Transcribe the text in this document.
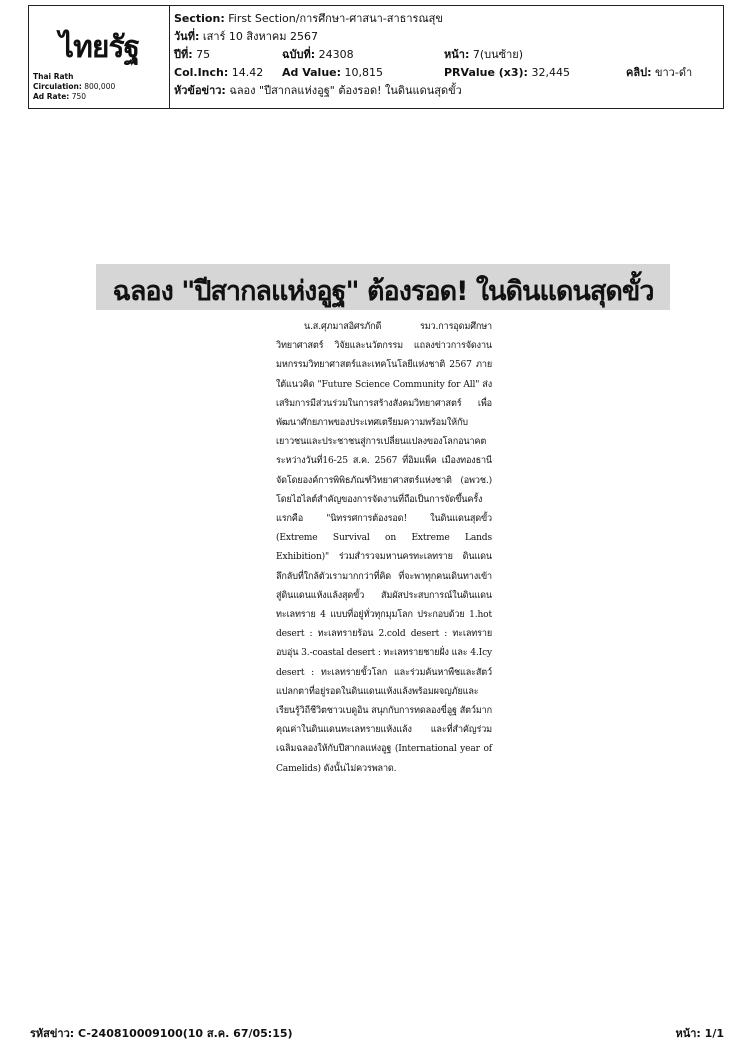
ไทยรัฐ
Thai Rath
Circulation: 800,000
Ad Rate: 750
Section: First Section/การศึกษา-ศาสนา-สาธารณสุข
วันที่: เสาร์ 10 สิงหาคม 2567
ปีที่: 75	ฉบับที่: 24308	หน้า: 7(บนซ้าย)
Col.Inch: 14.42 Ad Value: 10,815	PRValue (x3): 32,445	คลิป: ขาว-ดำ
หัวข้อข่าว: ฉลอง "ปีสากลแห่งอูฐ" ต้องรอด! ในดินแดนสุดขั้ว
ฉลอง "ปีสากลแห่งอูฐ" ต้องรอด! ในดินแดนสุดขั้ว
น.ส.ศุภมาสอิศรภักดี รมว.การอุดมศึกษา วิทยาศาสตร์ วิจัยและนวัตกรรม แถลงข่าวการจัดงานมหกรรมวิทยาศาสตร์และเทคโนโลยีแห่งชาติ 2567 ภายใต้แนวคิด "Future Science Community for All" ส่งเสริมการมีส่วนร่วมในการสร้างสังคมวิทยาศาสตร์ เพื่อพัฒนาศักยภาพของประเทศเตรียมความพร้อมให้กับเยาวชนและประชาชนสู่การเปลี่ยนแปลงของโลกอนาคตระหว่างวันที่16-25 ส.ค. 2567 ที่อิมแพ็ค เมืองทองธานี จัดโดยองค์การพิพิธภัณฑ์วิทยาศาสตร์แห่งชาติ (อพวช.) โดยไฮไลต์สำคัญของการจัดงานที่ถือเป็นการจัดขึ้นครั้งแรกคือ "นิทรรศการต้องรอด! ในดินแดนสุดขั้ว (Extreme Survival on Extreme Lands Exhibition)" ร่วมสำรวจมหานครทะเลทราย ดินแดนลึกลับที่ใกล้ตัวเรามากกว่าที่คิด ที่จะพาทุกคนเดินทางเข้าสู่ดินแดนแห้งแล้งสุดขั้ว สัมผัสประสบการณ์ในดินแดนทะเลทราย 4 แบบที่อยู่ทั่วทุกมุมโลก ประกอบด้วย 1.hot desert : ทะเลทรายร้อน 2.cold desert : ทะเลทรายอบอุ่น 3.-coastal desert : ทะเลทรายชายฝั่ง และ 4.Icy desert : ทะเลทรายขั้วโลก และร่วมค้นหาพืชและสัตว์แปลกตาที่อยู่รอดในดินแดนแห้งแล้งพร้อมผจญภัยและเรียนรู้วิถีชีวิตชาวเบดูอิน สนุกกับการทดลองขี่อูฐ สัตว์มากคุณค่าในดินแดนทะเลทรายแห้งแล้ง และที่สำคัญร่วมเฉลิมฉลองให้กับปีสากลแห่งอูฐ (International year of Camelids) ดังนั้นไม่ควรพลาด.
รหัสข่าว: C-240810009100(10 ส.ค. 67/05:15)	หน้า: 1/1
